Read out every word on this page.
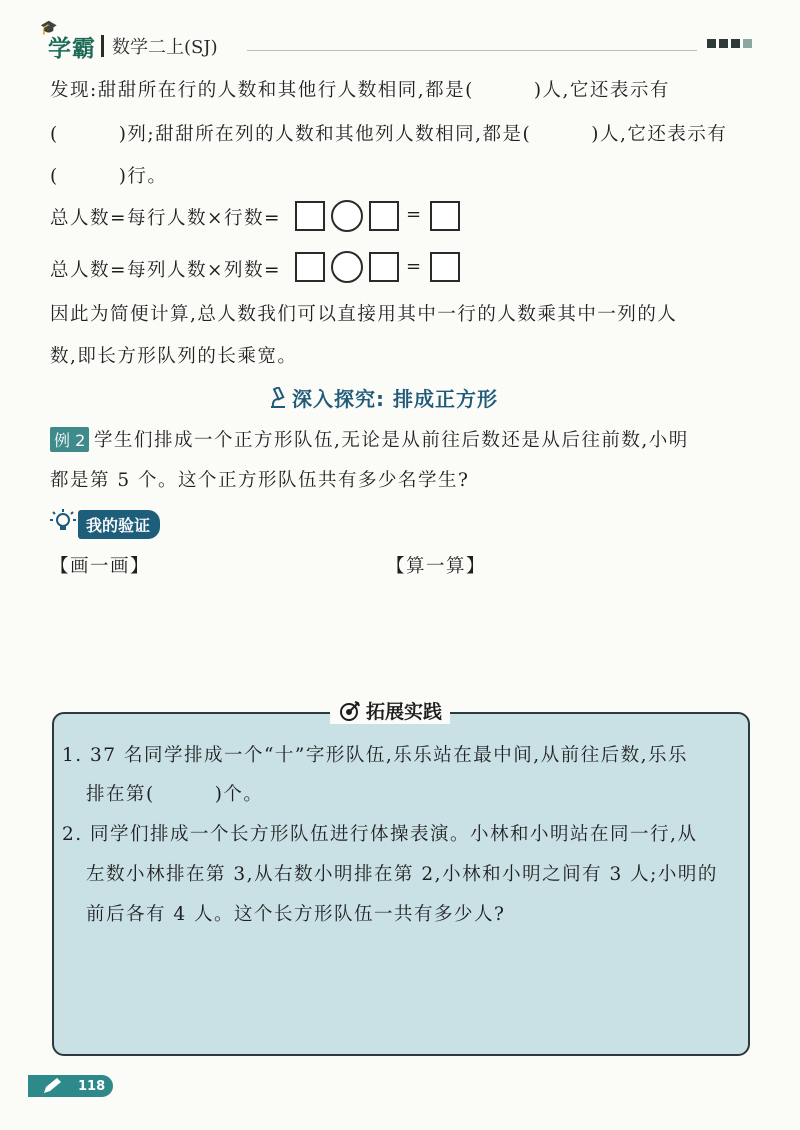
🎓
学霸 数学二上(SJ)
发现:甜甜所在行的人数和其他行人数相同,都是(　　　)人,它还表示有
(　　　)列;甜甜所在列的人数和其他列人数相同,都是(　　　)人,它还表示有
(　　　)行。
总人数=每行人数×行数=	=
总人数=每列人数×列数=	=
因此为简便计算,总人数我们可以直接用其中一行的人数乘其中一列的人
数,即长方形队列的长乘宽。
深入探究: 排成正方形
例 2 学生们排成一个正方形队伍,无论是从前往后数还是从后往前数,小明
都是第 5 个。这个正方形队伍共有多少名学生?
我的验证
【画一画】	【算一算】
拓展实践
1. 37 名同学排成一个“十”字形队伍,乐乐站在最中间,从前往后数,乐乐
排在第(　　　)个。
2. 同学们排成一个长方形队伍进行体操表演。小林和小明站在同一行,从
左数小林排在第 3,从右数小明排在第 2,小林和小明之间有 3 人;小明的
前后各有 4 人。这个长方形队伍一共有多少人?
118
